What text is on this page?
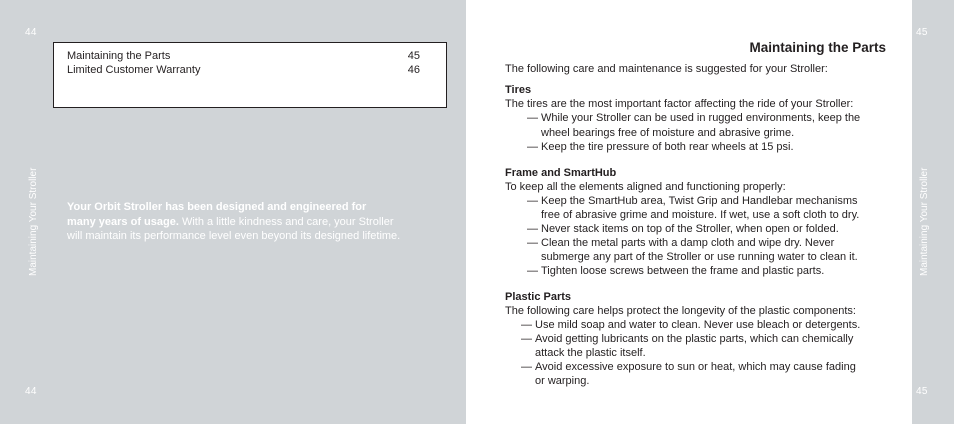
44
44
Maintaining Your Stroller
Maintaining the Parts	45
Limited Customer Warranty	46
Your Orbit Stroller has been designed and engineered for
many years of usage. With a little kindness and care, your Stroller
will maintain its performance level even beyond its designed lifetime.
45
45
Maintaining Your Stroller
Maintaining the Parts
The following care and maintenance is suggested for your Stroller:
Tires
The tires are the most important factor affecting the ride of your Stroller:
— While your Stroller can be used in rugged environments, keep the
wheel bearings free of moisture and abrasive grime.
— Keep the tire pressure of both rear wheels at 15 psi.
Frame and SmartHub
To keep all the elements aligned and functioning properly:
— Keep the SmartHub area, Twist Grip and Handlebar mechanisms
free of abrasive grime and moisture. If wet, use a soft cloth to dry.
— Never stack items on top of the Stroller, when open or folded.
— Clean the metal parts with a damp cloth and wipe dry. Never
submerge any part of the Stroller or use running water to clean it.
— Tighten loose screws between the frame and plastic parts.
Plastic Parts
The following care helps protect the longevity of the plastic components:
— Use mild soap and water to clean. Never use bleach or detergents.
— Avoid getting lubricants on the plastic parts, which can chemically
attack the plastic itself.
— Avoid excessive exposure to sun or heat, which may cause fading
or warping.
